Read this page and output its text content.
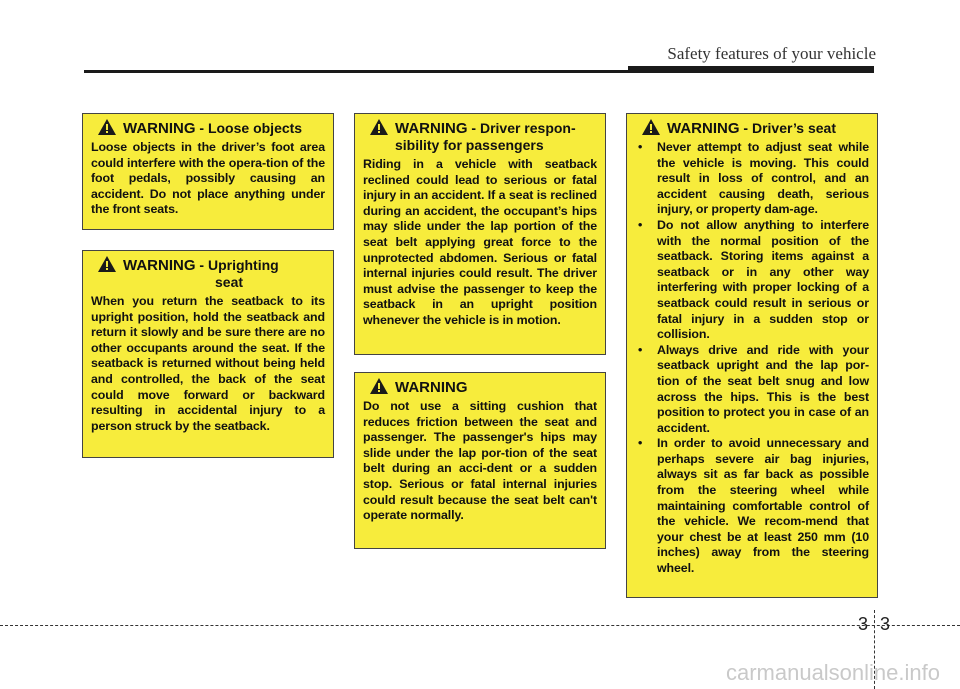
Safety features of your vehicle
WARNING - Loose objects
Loose objects in the driver’s foot area could interfere with the opera-tion of the foot pedals, possibly causing an accident. Do not place anything under the front seats.
WARNING - Uprighting
seat
When you return the seatback to its upright position, hold the seatback and return it slowly and be sure there are no other occupants around the seat. If the seatback is returned without being held and controlled, the back of the seat could move forward or backward resulting in accidental injury to a person struck by the seatback.
WARNING - Driver respon-
sibility for passengers
Riding in a vehicle with seatback reclined could lead to serious or fatal injury in an accident. If a seat is reclined during an accident, the occupant’s hips may slide under the lap portion of the seat belt applying great force to the unprotected abdomen. Serious or fatal internal injuries could result. The driver must advise the passenger to keep the seatback in an upright position whenever the vehicle is in motion.
WARNING
Do not use a sitting cushion that reduces friction between the seat and passenger. The passenger's hips may slide under the lap por-tion of the seat belt during an acci-dent or a sudden stop. Serious or fatal internal injuries could result because the seat belt can't operate normally.
WARNING - Driver’s seat
• Never attempt to adjust seat while the vehicle is moving. This could result in loss of control, and an accident causing death, serious injury, or property dam-age.
• Do not allow anything to interfere with the normal position of the seatback. Storing items against a seatback or in any other way interfering with proper locking of a seatback could result in serious or fatal injury in a sudden stop or collision.
• Always drive and ride with your seatback upright and the lap por-tion of the seat belt snug and low across the hips. This is the best position to protect you in case of an accident.
• In order to avoid unnecessary and perhaps severe air bag injuries, always sit as far back as possible from the steering wheel while maintaining comfortable control of the vehicle. We recom-mend that your chest be at least 250 mm (10 inches) away from the steering wheel.
3 3
carmanualsonline.info
